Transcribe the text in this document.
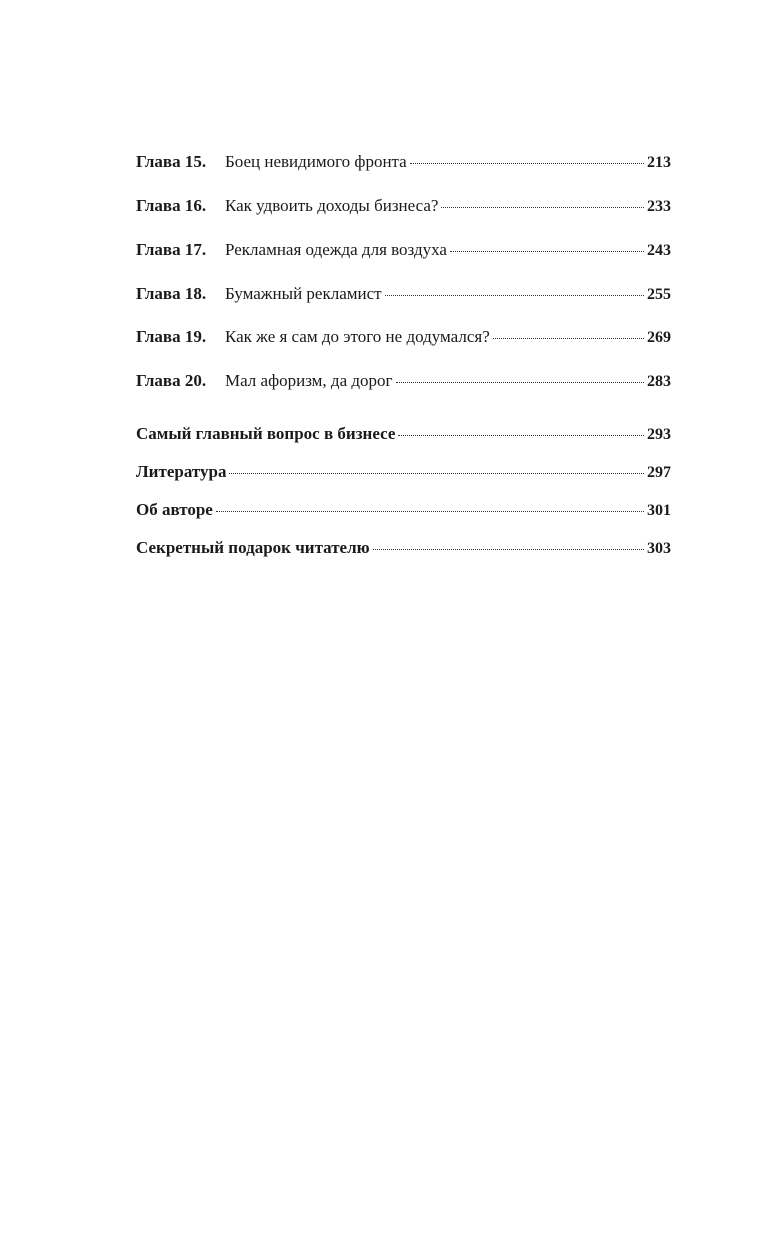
Глава 15.	Боец невидимого фронта	213
Глава 16.	Как удвоить доходы бизнеса?	233
Глава 17.	Рекламная одежда для воздуха	243
Глава 18.	Бумажный рекламист	255
Глава 19.	Как же я сам до этого не додумался?	269
Глава 20.	Мал афоризм, да дорог	283
Самый главный вопрос в бизнесе	293
Литература	297
Об авторе	301
Секретный подарок читателю	303
